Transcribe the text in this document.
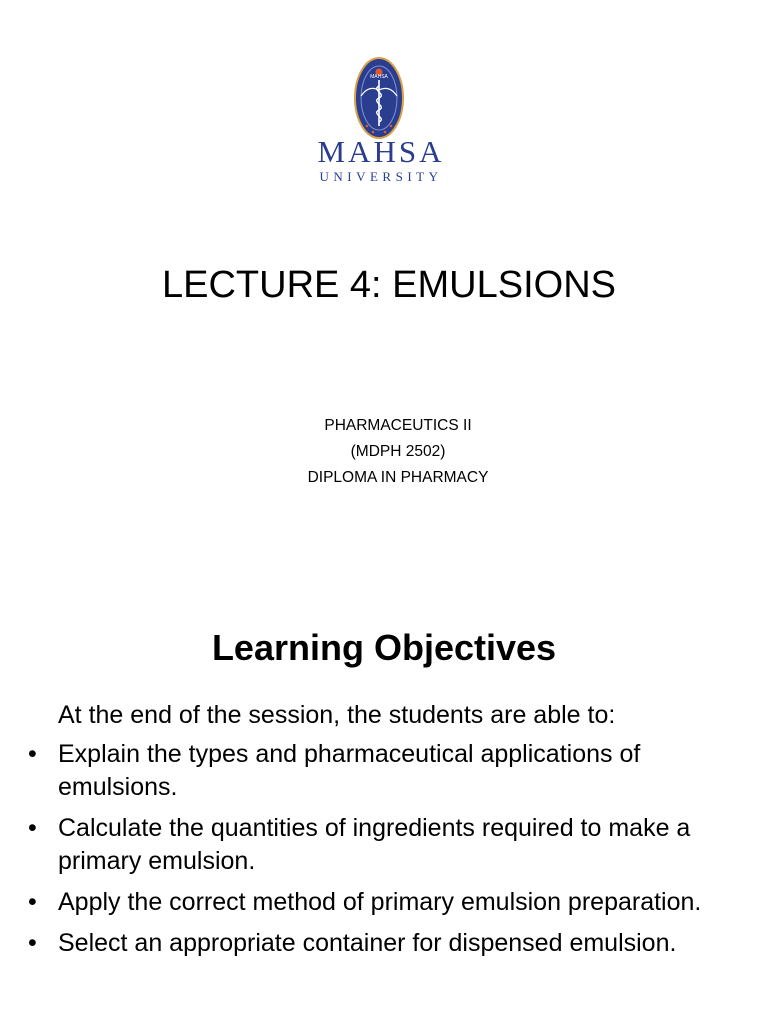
MAHSA
MAHSA
UNIVERSITY
LECTURE 4: EMULSIONS
PHARMACEUTICS II
(MDPH 2502)
DIPLOMA IN PHARMACY
Learning Objectives
At the end of the session, the students are able to:
• Explain the types and pharmaceutical applications of emulsions.
• Calculate the quantities of ingredients required to make a primary emulsion.
• Apply the correct method of primary emulsion preparation.
• Select an appropriate container for dispensed emulsion.
